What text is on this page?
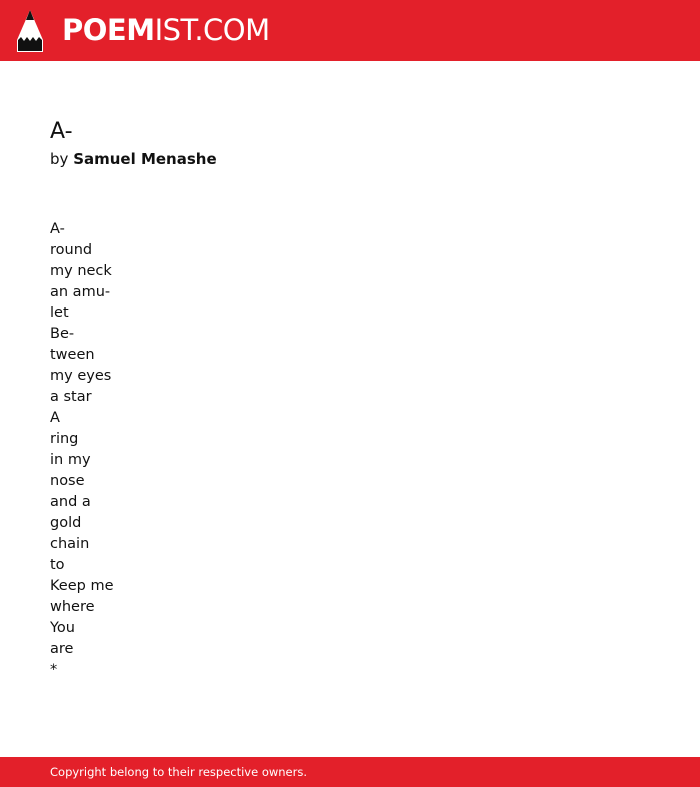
POEMIST.COM
A-
by Samuel Menashe
A-
round
my neck
an amu-
let
Be-
tween
my eyes
a star
A
ring
in my
nose
and a
gold
chain
to
Keep me
where
You
are
*
Copyright belong to their respective owners.
